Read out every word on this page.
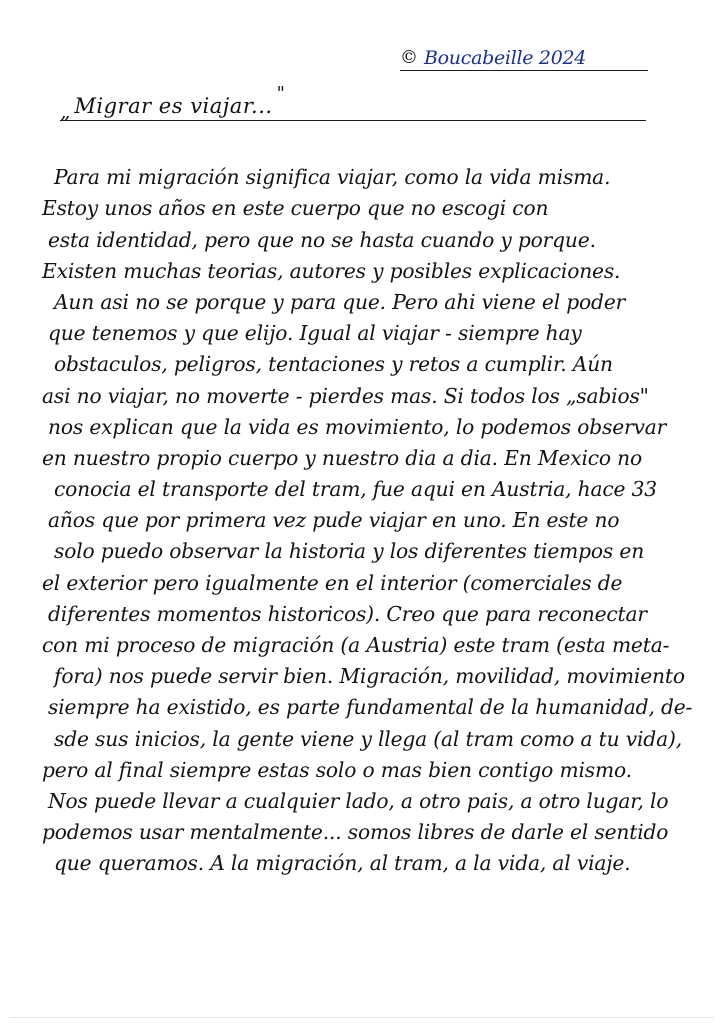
© Boucabeille 2024
„ Migrar es viajar...
"
Para mi migración significa viajar, como la vida misma.
Estoy unos años en este cuerpo que no escogi con
esta identidad, pero que no se hasta cuando y porque.
Existen muchas teorias, autores y posibles explicaciones.
Aun asi no se porque y para que. Pero ahi viene el poder
que tenemos y que elijo. Igual al viajar - siempre hay
obstaculos, peligros, tentaciones y retos a cumplir. Aún
asi no viajar, no moverte - pierdes mas. Si todos los „sabios"
nos explican que la vida es movimiento, lo podemos observar
en nuestro propio cuerpo y nuestro dia a dia. En Mexico no
conocia el transporte del tram, fue aqui en Austria, hace 33
años que por primera vez pude viajar en uno. En este no
solo puedo observar la historia y los diferentes tiempos en
el exterior pero igualmente en el interior (comerciales de
diferentes momentos historicos). Creo que para reconectar
con mi proceso de migración (a Austria) este tram (esta meta-
fora) nos puede servir bien. Migración, movilidad, movimiento
siempre ha existido, es parte fundamental de la humanidad, de-
sde sus inicios, la gente viene y llega (al tram como a tu vida),
pero al final siempre estas solo o mas bien contigo mismo.
Nos puede llevar a cualquier lado, a otro pais, a otro lugar, lo
podemos usar mentalmente... somos libres de darle el sentido
que queramos. A la migración, al tram, a la vida, al viaje.
